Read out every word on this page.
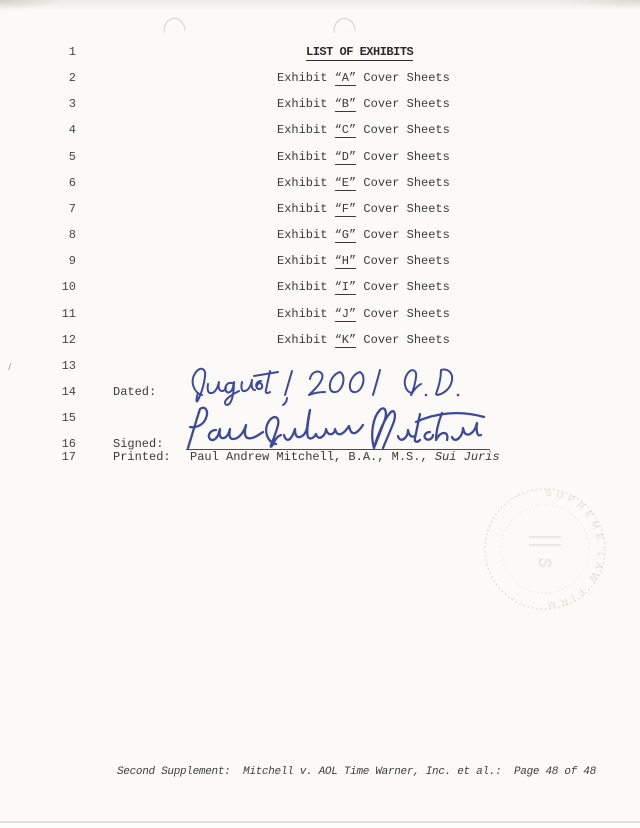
1	LIST OF EXHIBITS
2	Exhibit “A” Cover Sheets
3	Exhibit “B” Cover Sheets
4	Exhibit “C” Cover Sheets
5	Exhibit “D” Cover Sheets
6	Exhibit “E” Cover Sheets
7	Exhibit “F” Cover Sheets
8	Exhibit “G” Cover Sheets
9	Exhibit “H” Cover Sheets
10	Exhibit “I” Cover Sheets
11	Exhibit “J” Cover Sheets
12	Exhibit “K” Cover Sheets
13
14	Dated:
15
16	Signed:
17	Printed: Paul Andrew Mitchell, B.A., M.S., Sui Juris
SUPREME LAW FIRM
S
Second Supplement:  Mitchell v. AOL Time Warner, Inc. et al.:  Page 48 of 48
